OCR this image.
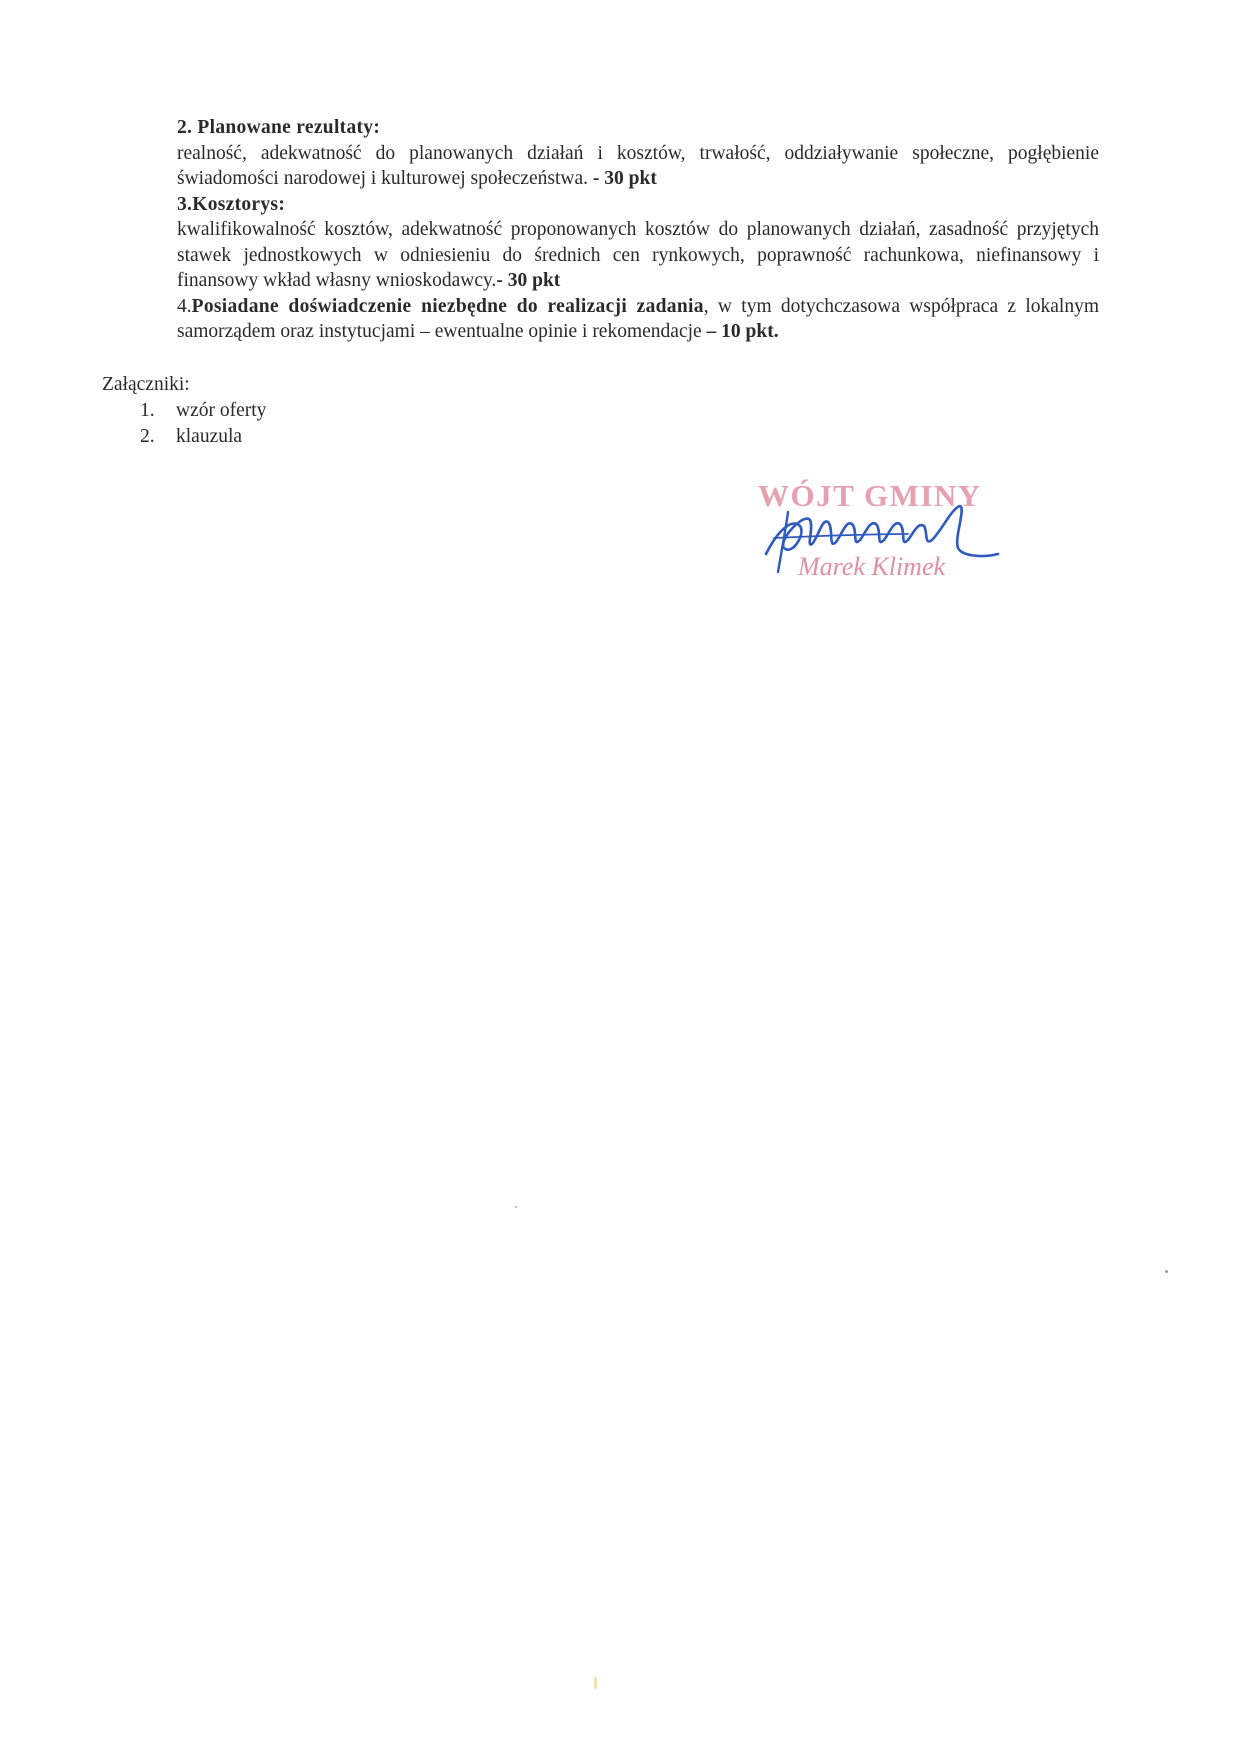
2. Planowane rezultaty:
realność, adekwatność do planowanych działań i kosztów, trwałość, oddziaływanie społeczne, pogłębienie świadomości narodowej i kulturowej społeczeństwa. - 30 pkt

3.Kosztorys:
kwalifikowalność kosztów, adekwatność proponowanych kosztów do planowanych działań, zasadność przyjętych stawek jednostkowych w odniesieniu do średnich cen rynkowych, poprawność rachunkowa, niefinansowy i finansowy wkład własny wnioskodawcy.- 30 pkt

4.Posiadane doświadczenie niezbędne do realizacji zadania, w tym dotychczasowa współpraca z lokalnym samorządem oraz instytucjami – ewentualne opinie i rekomendacje – 10 pkt.

Załączniki:
1. wzór oferty
2. klauzula
WÓJT GMINY
Marek Klimek
